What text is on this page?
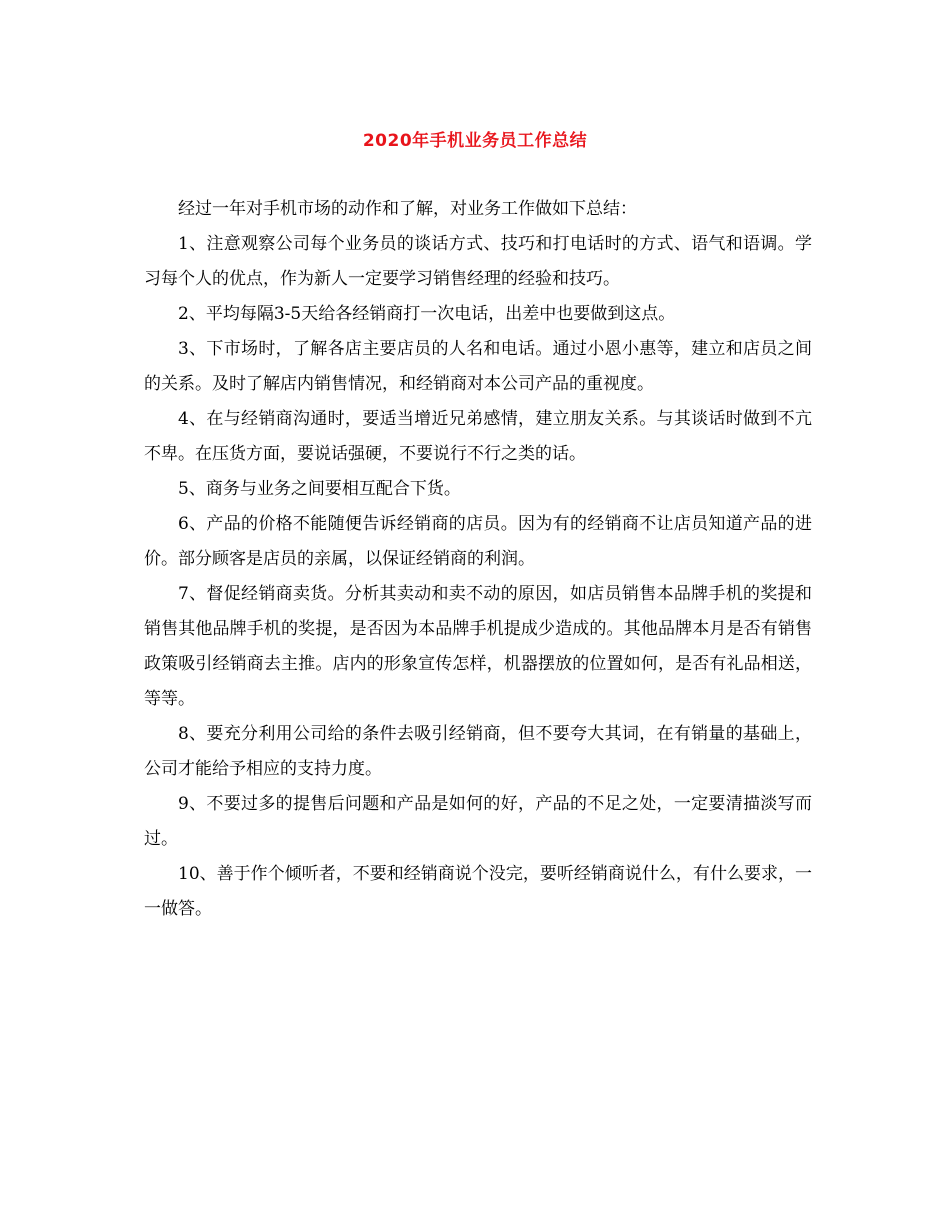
2020年手机业务员工作总结

经过一年对手机市场的动作和了解，对业务工作做如下总结：

1、注意观察公司每个业务员的谈话方式、技巧和打电话时的方式、语气和语调。学习每个人的优点，作为新人一定要学习销售经理的经验和技巧。

2、平均每隔3-5天给各经销商打一次电话，出差中也要做到这点。

3、下市场时，了解各店主要店员的人名和电话。通过小恩小惠等，建立和店员之间的关系。及时了解店内销售情况，和经销商对本公司产品的重视度。

4、在与经销商沟通时，要适当增近兄弟感情，建立朋友关系。与其谈话时做到不亢不卑。在压货方面，要说话强硬，不要说行不行之类的话。

5、商务与业务之间要相互配合下货。

6、产品的价格不能随便告诉经销商的店员。因为有的经销商不让店员知道产品的进价。部分顾客是店员的亲属，以保证经销商的利润。

7、督促经销商卖货。分析其卖动和卖不动的原因，如店员销售本品牌手机的奖提和销售其他品牌手机的奖提，是否因为本品牌手机提成少造成的。其他品牌本月是否有销售政策吸引经销商去主推。店内的形象宣传怎样，机器摆放的位置如何，是否有礼品相送，等等。

8、要充分利用公司给的条件去吸引经销商，但不要夸大其词，在有销量的基础上，公司才能给予相应的支持力度。

9、不要过多的提售后问题和产品是如何的好，产品的不足之处，一定要清描淡写而过。

10、善于作个倾听者，不要和经销商说个没完，要听经销商说什么，有什么要求，一一做答。
